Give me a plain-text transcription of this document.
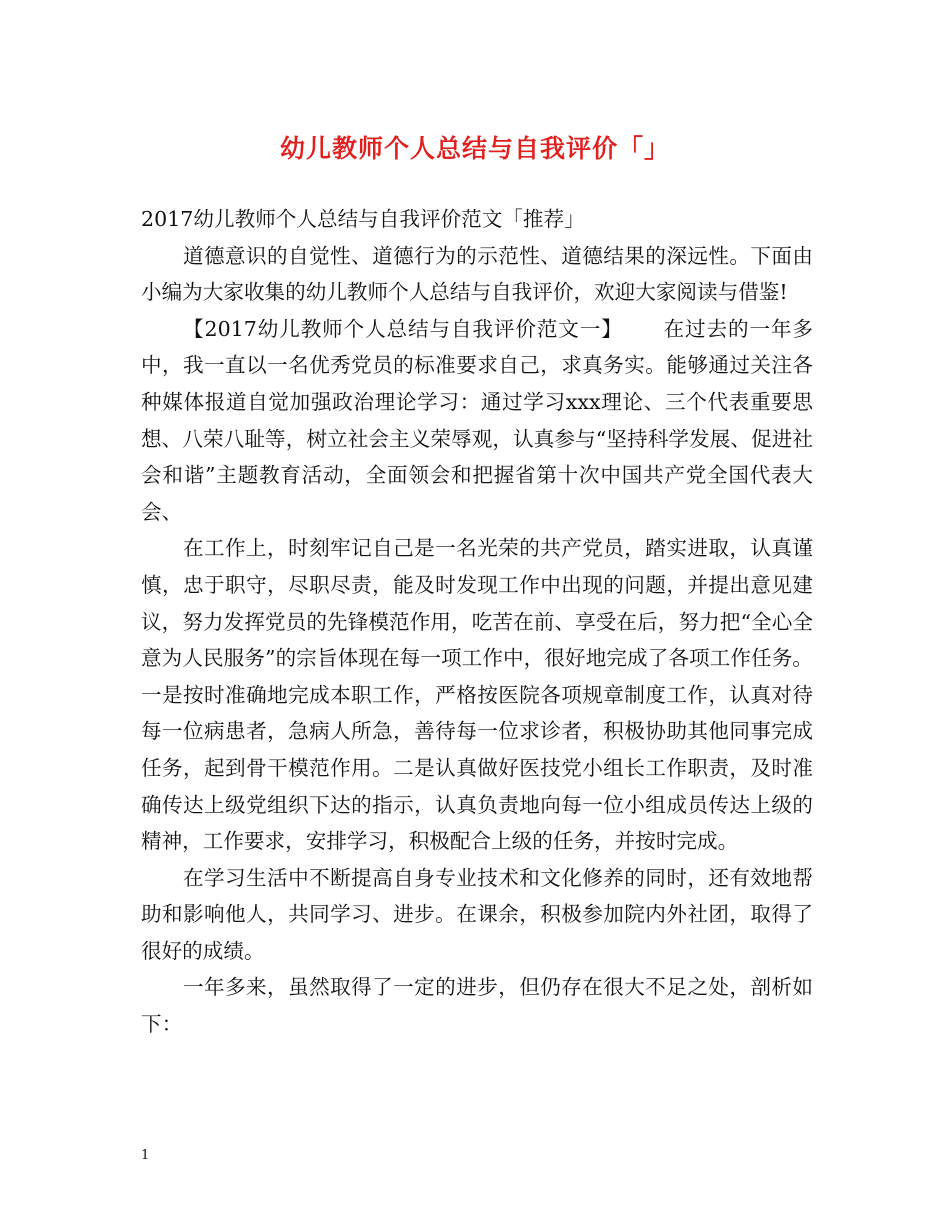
幼儿教师个人总结与自我评价「」

2017幼儿教师个人总结与自我评价范文「推荐」

道德意识的自觉性、道德行为的示范性、道德结果的深远性。下面由小编为大家收集的幼儿教师个人总结与自我评价，欢迎大家阅读与借鉴!

【2017幼儿教师个人总结与自我评价范文一】 在过去的一年多中，我一直以一名优秀党员的标准要求自己，求真务实。能够通过关注各种媒体报道自觉加强政治理论学习：通过学习xxx理论、三个代表重要思想、八荣八耻等，树立社会主义荣辱观，认真参与“坚持科学发展、促进社会和谐”主题教育活动，全面领会和把握省第十次中国共产党全国代表大会、

在工作上，时刻牢记自己是一名光荣的共产党员，踏实进取，认真谨慎，忠于职守，尽职尽责，能及时发现工作中出现的问题，并提出意见建议，努力发挥党员的先锋模范作用，吃苦在前、享受在后，努力把“全心全意为人民服务”的宗旨体现在每一项工作中，很好地完成了各项工作任务。一是按时准确地完成本职工作，严格按医院各项规章制度工作，认真对待每一位病患者，急病人所急，善待每一位求诊者，积极协助其他同事完成任务，起到骨干模范作用。二是认真做好医技党小组长工作职责，及时准确传达上级党组织下达的指示，认真负责地向每一位小组成员传达上级的精神，工作要求，安排学习，积极配合上级的任务，并按时完成。

在学习生活中不断提高自身专业技术和文化修养的同时，还有效地帮助和影响他人，共同学习、进步。在课余，积极参加院内外社团，取得了很好的成绩。

一年多来，虽然取得了一定的进步，但仍存在很大不足之处，剖析如下：

1
